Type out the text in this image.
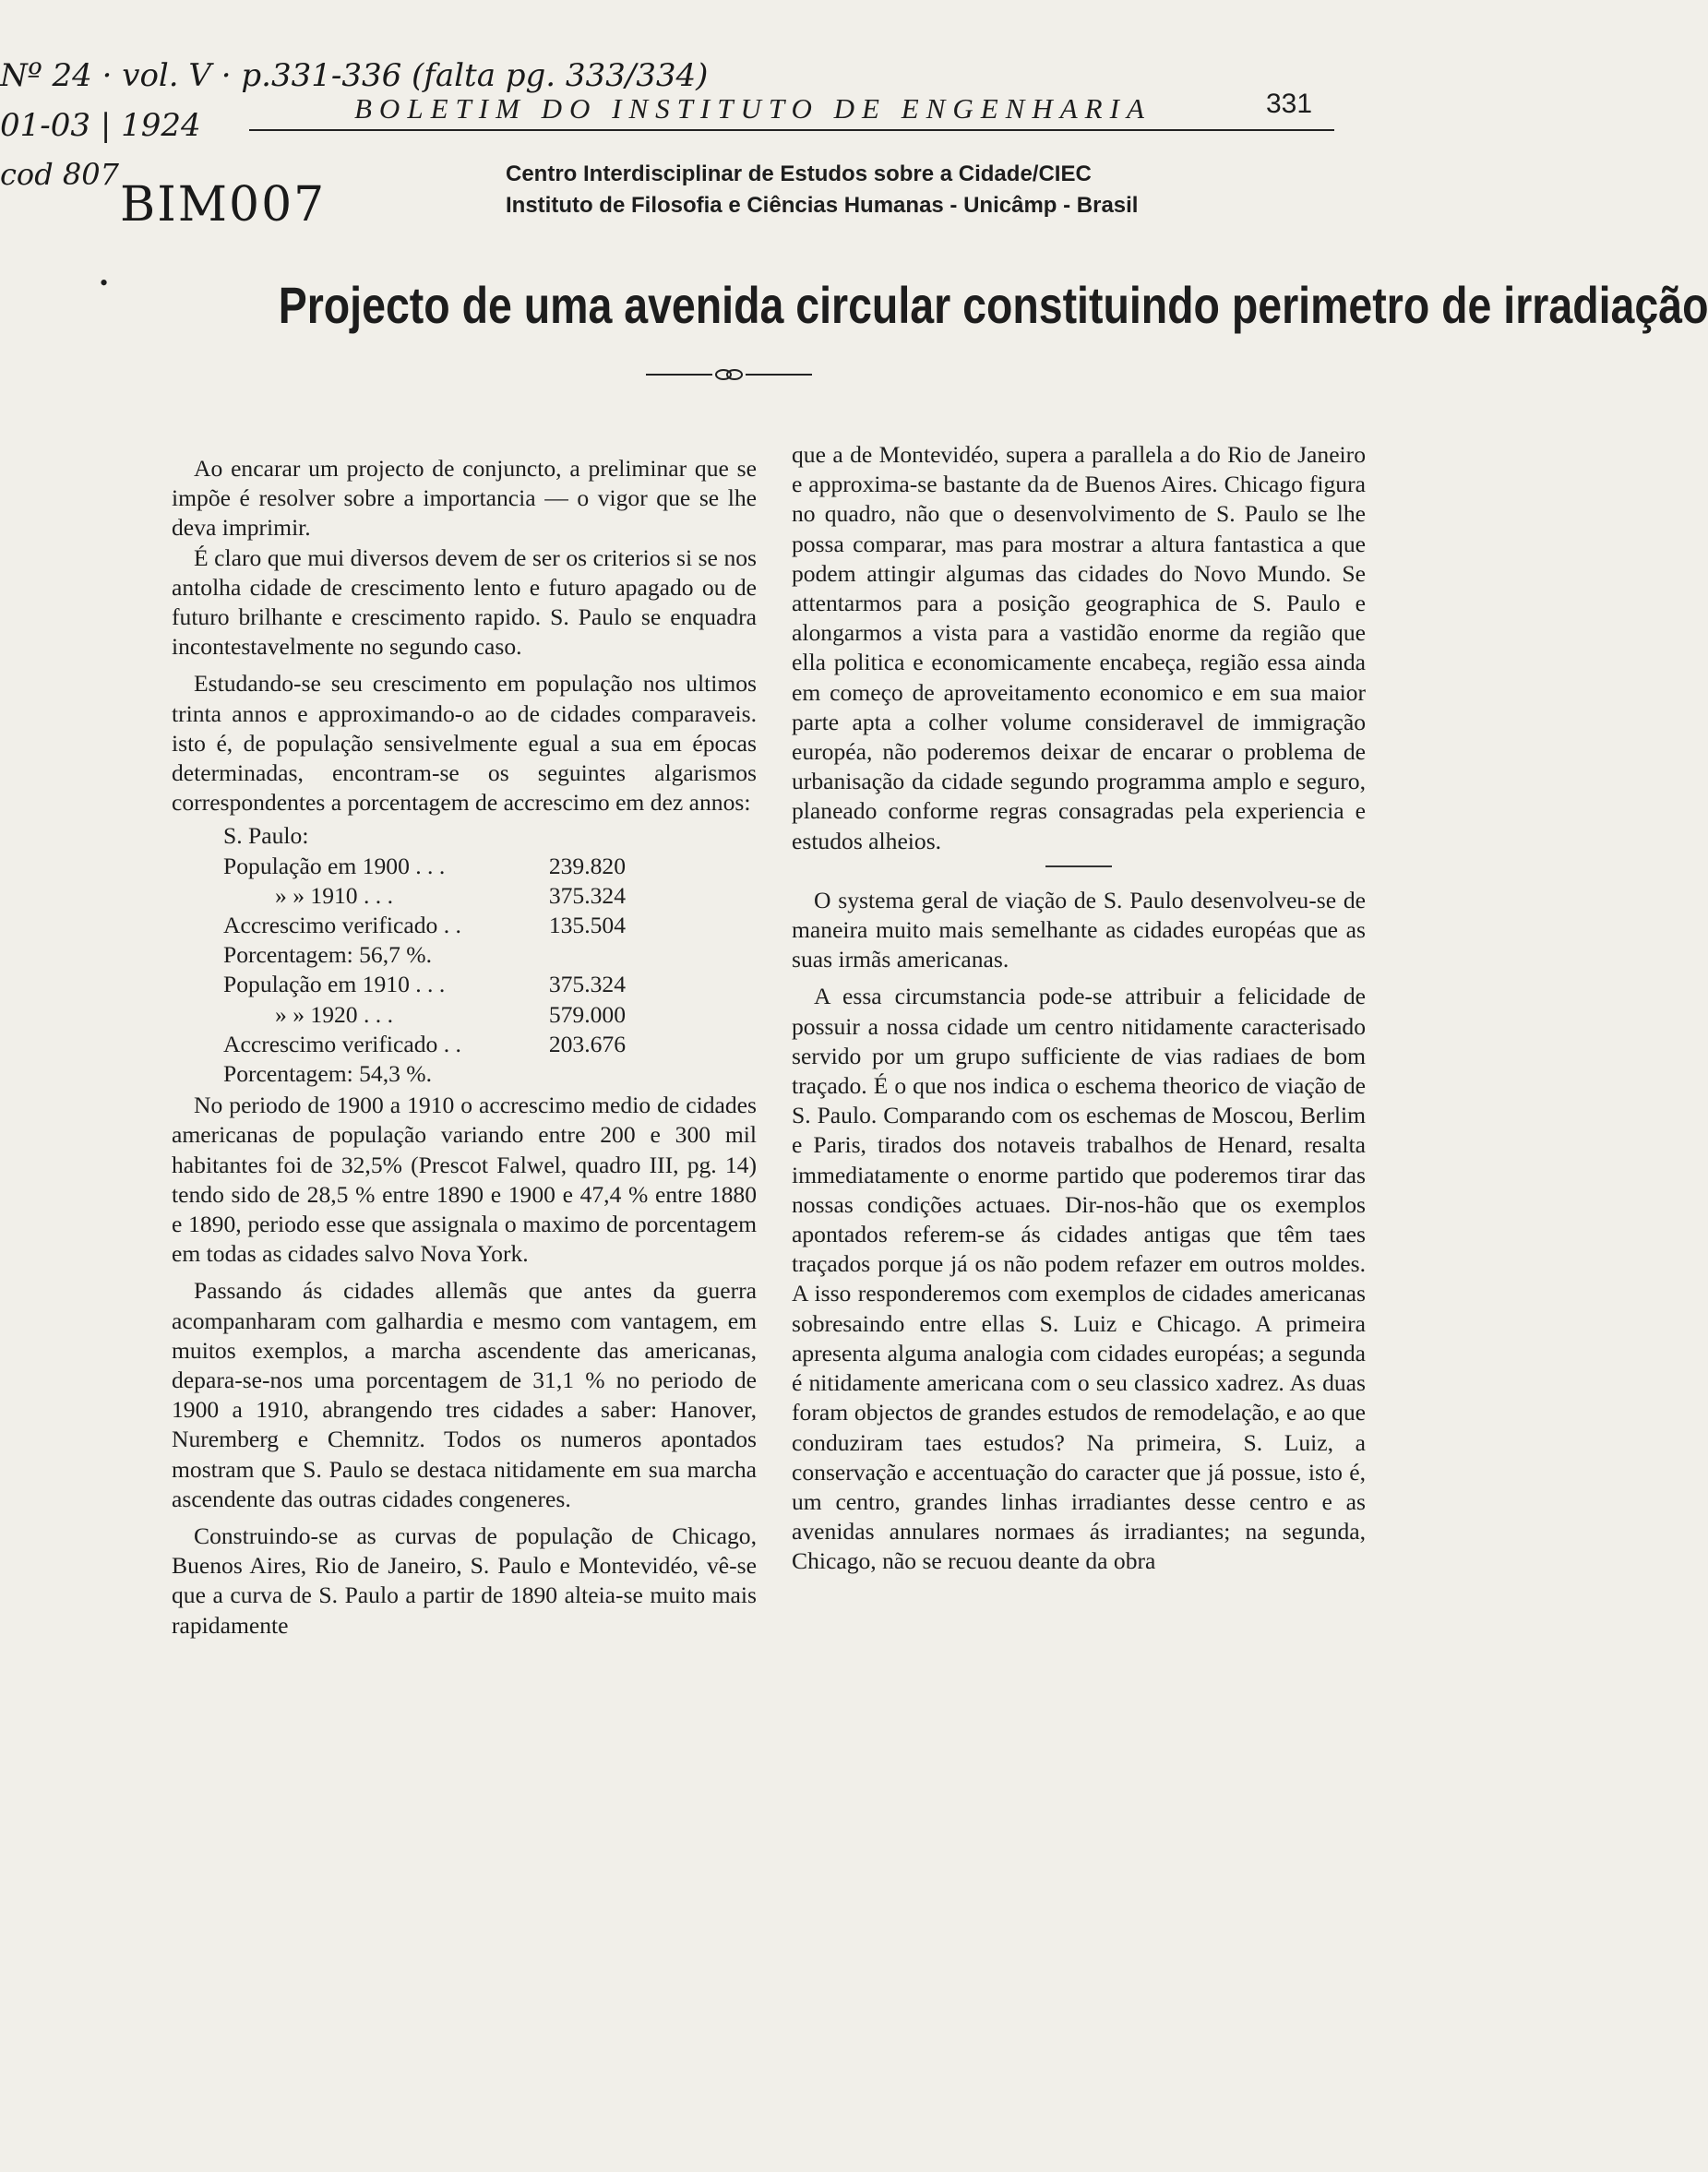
Nº 24 · vol. V · p.331-336 (falta pg. 333/334)
01-03 | 1924
cod 807
BIM007
BOLETIM DO INSTITUTO DE ENGENHARIA	331
Centro Interdisciplinar de Estudos sobre a Cidade/CIEC
Instituto de Filosofia e Ciências Humanas - Unicâmp - Brasil
•	Projecto de uma avenida circular constituindo perimetro de irradiação

Ao encarar um projecto de conjuncto, a preliminar que se impõe é resolver sobre a importancia — o vigor que se lhe deva imprimir.

É claro que mui diversos devem de ser os criterios si se nos antolha cidade de crescimento lento e futuro apagado ou de futuro brilhante e crescimento rapido. S. Paulo se enquadra incontestavelmente no segundo caso.

Estudando-se seu crescimento em população nos ultimos trinta annos e approximando-o ao de cidades comparaveis. isto é, de população sensivelmente egual a sua em épocas determinadas, encontram-se os seguintes algarismos correspondentes a porcentagem de accrescimo em dez annos:

S. Paulo:
População em 1900 . . .	239.820
» » 1910 . . .	375.324
Accrescimo verificado . .	135.504
Porcentagem: 56,7 %.
População em 1910 . . .	375.324
» » 1920 . . .	579.000
Accrescimo verificado . .	203.676
Porcentagem: 54,3 %.

No periodo de 1900 a 1910 o accrescimo medio de cidades americanas de população variando entre 200 e 300 mil habitantes foi de 32,5% (Prescot Falwel, quadro III, pg. 14) tendo sido de 28,5 % entre 1890 e 1900 e 47,4 % entre 1880 e 1890, periodo esse que assignala o maximo de porcentagem em todas as cidades salvo Nova York.

Passando ás cidades allemãs que antes da guerra acompanharam com galhardia e mesmo com vantagem, em muitos exemplos, a marcha ascendente das americanas, depara-se-nos uma porcentagem de 31,1 % no periodo de 1900 a 1910, abrangendo tres cidades a saber: Hanover, Nuremberg e Chemnitz. Todos os numeros apontados mostram que S. Paulo se destaca nitidamente em sua marcha ascendente das outras cidades congeneres.

Construindo-se as curvas de população de Chicago, Buenos Aires, Rio de Janeiro, S. Paulo e Montevidéo, vê-se que a curva de S. Paulo a partir de 1890 alteia-se muito mais rapidamente

que a de Montevidéo, supera a parallela a do Rio de Janeiro e approxima-se bastante da de Buenos Aires. Chicago figura no quadro, não que o desenvolvimento de S. Paulo se lhe possa comparar, mas para mostrar a altura fantastica a que podem attingir algumas das cidades do Novo Mundo. Se attentarmos para a posição geographica de S. Paulo e alongarmos a vista para a vastidão enorme da região que ella politica e economicamente encabeça, região essa ainda em começo de aproveitamento economico e em sua maior parte apta a colher volume consideravel de immigração européa, não poderemos deixar de encarar o problema de urbanisação da cidade segundo programma amplo e seguro, planeado conforme regras consagradas pela experiencia e estudos alheios.

O systema geral de viação de S. Paulo desenvolveu-se de maneira muito mais semelhante as cidades européas que as suas irmãs americanas.

A essa circumstancia pode-se attribuir a felicidade de possuir a nossa cidade um centro nitidamente caracterisado servido por um grupo sufficiente de vias radiaes de bom traçado. É o que nos indica o eschema theorico de viação de S. Paulo. Comparando com os eschemas de Moscou, Berlim e Paris, tirados dos notaveis trabalhos de Henard, resalta immediatamente o enorme partido que poderemos tirar das nossas condições actuaes. Dir-nos-hão que os exemplos apontados referem-se ás cidades antigas que têm taes traçados porque já os não podem refazer em outros moldes. A isso responderemos com exemplos de cidades americanas sobresaindo entre ellas S. Luiz e Chicago. A primeira apresenta alguma analogia com cidades européas; a segunda é nitidamente americana com o seu classico xadrez. As duas foram objectos de grandes estudos de remodelação, e ao que conduziram taes estudos? Na primeira, S. Luiz, a conservação e accentuação do caracter que já possue, isto é, um centro, grandes linhas irradiantes desse centro e as avenidas annulares normaes ás irradiantes; na segunda, Chicago, não se recuou deante da obra
